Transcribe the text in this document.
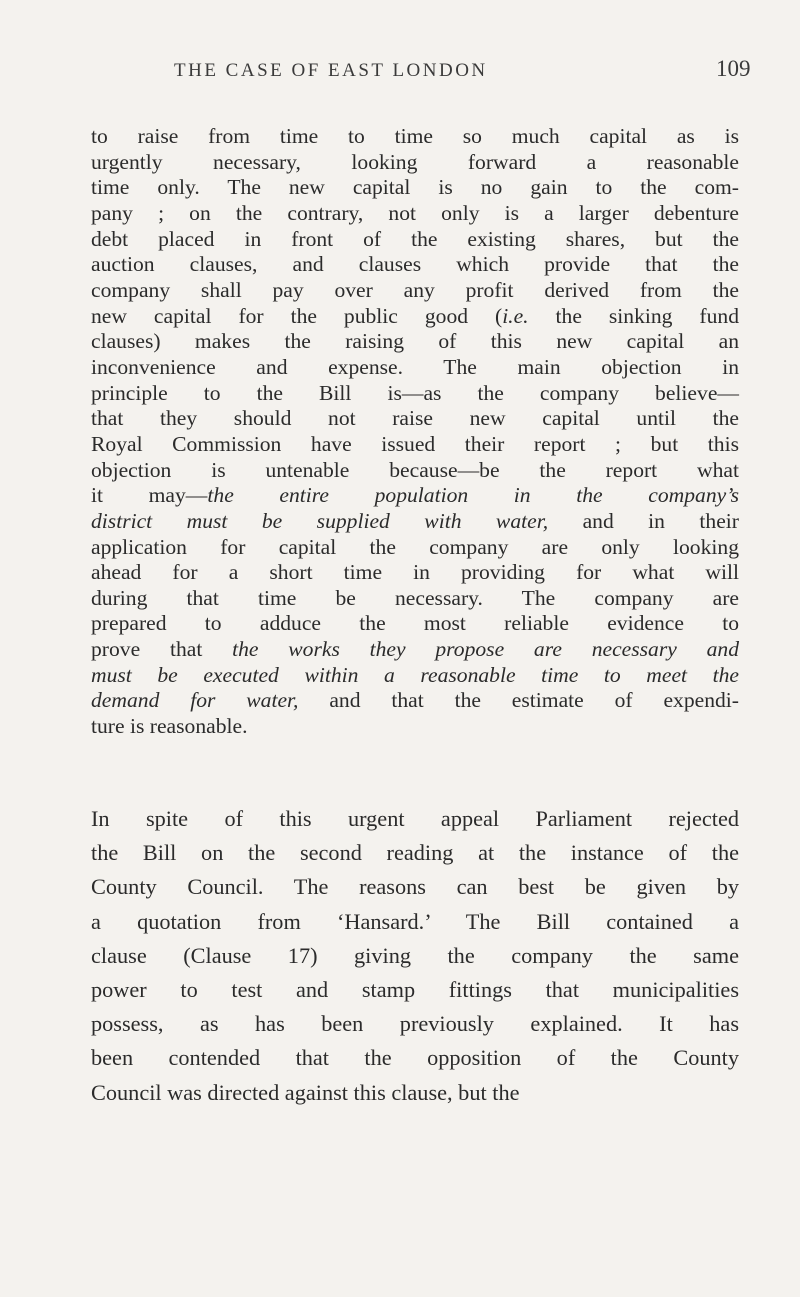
THE CASE OF EAST LONDON	109
to raise from time to time so much capital as is
urgently necessary, looking forward a reasonable
time only. The new capital is no gain to the com-
pany ; on the contrary, not only is a larger debenture
debt placed in front of the existing shares, but the
auction clauses, and clauses which provide that the
company shall pay over any profit derived from the
new capital for the public good (i.e. the sinking fund
clauses) makes the raising of this new capital an
inconvenience and expense. The main objection in
principle to the Bill is—as the company believe—
that they should not raise new capital until the
Royal Commission have issued their report ; but this
objection is untenable because—be the report what
it may—the entire population in the company’s
district must be supplied with water, and in their
application for capital the company are only looking
ahead for a short time in providing for what will
during that time be necessary. The company are
prepared to adduce the most reliable evidence to
prove that the works they propose are necessary and
must be executed within a reasonable time to meet the
demand for water, and that the estimate of expendi-
ture is reasonable.
In spite of this urgent appeal Parliament rejected
the Bill on the second reading at the instance of the
County Council. The reasons can best be given by
a quotation from ‘Hansard.’ The Bill contained a
clause (Clause 17) giving the company the same
power to test and stamp fittings that municipalities
possess, as has been previously explained. It has
been contended that the opposition of the County
Council was directed against this clause, but the
